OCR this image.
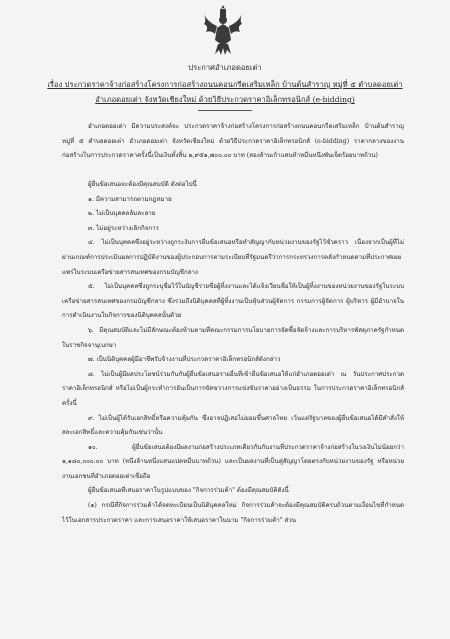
ประกาศอำเภอดอยเต่า
เรื่อง ประกวดราคาจ้างก่อสร้างโครงการก่อสร้างถนนคอนกรีตเสริมเหล็ก บ้านต้นสำราญ หมู่ที่ ๕ ตำบลดอยเต่า
อำเภอดอยเต่า จังหวัดเชียงใหม่ ด้วยวิธีประกวดราคาอิเล็กทรอนิกส์ (e-bidding)
อำเภอดอยเต่า มีความประสงค์จะ ประกวดราคาจ้างก่อสร้างโครงการก่อสร้างถนนคอนกรีตเสริมเหล็ก บ้านต้นสำราญ หมู่ที่ ๕ ตำบลดอยเต่า อำเภอดอยเต่า จังหวัดเชียงใหม่ ด้วยวิธีประกวดราคาอิเล็กทรอนิกส์ (e-bidding) ราคากลางของงานก่อสร้างในการประกวดราคาครั้งนี้เป็นเงินทั้งสิ้น ๒,๙๕๑,๗๐๐.๐๐ บาท (สองล้านเก้าแสนห้าหมื่นหนึ่งพันเจ็ดร้อยบาทถ้วน)
ผู้ยื่นข้อเสนอจะต้องมีคุณสมบัติ ดังต่อไปนี้
๑. มีความสามารถตามกฎหมาย
๒. ไม่เป็นบุคคลล้มละลาย
๓. ไม่อยู่ระหว่างเลิกกิจการ
๔. ไม่เป็นบุคคลซึ่งอยู่ระหว่างถูกระงับการยื่นข้อเสนอหรือทำสัญญากับหน่วยงานของรัฐไว้ชั่วคราว เนื่องจากเป็นผู้ที่ไม่ผ่านเกณฑ์การประเมินผลการปฏิบัติงานของผู้ประกอบการตามระเบียบที่รัฐมนตรีว่าการกระทรวงการคลังกำหนดตามที่ประกาศเผยแพร่ในระบบเครือข่ายสารสนเทศของกรมบัญชีกลาง
๕. ไม่เป็นบุคคลซึ่งถูกระบุชื่อไว้ในบัญชีรายชื่อผู้ทิ้งงานและได้แจ้งเวียนชื่อให้เป็นผู้ทิ้งงานของหน่วยงานของรัฐในระบบเครือข่ายสารสนเทศของกรมบัญชีกลาง ซึ่งรวมถึงนิติบุคคลที่ผู้ทิ้งงานเป็นหุ้นส่วนผู้จัดการ กรรมการผู้จัดการ ผู้บริหาร ผู้มีอำนาจในการดำเนินงานในกิจการของนิติบุคคลนั้นด้วย
๖. มีคุณสมบัติและไม่มีลักษณะต้องห้ามตามที่คณะกรรมการนโยบายการจัดซื้อจัดจ้างและการบริหารพัสดุภาครัฐกำหนดในราชกิจจานุเบกษา
๗. เป็นนิติบุคคลผู้มีอาชีพรับจ้างงานที่ประกวดราคาอิเล็กทรอนิกส์ดังกล่าว
๘. ไม่เป็นผู้มีผลประโยชน์ร่วมกันกับผู้ยื่นข้อเสนอรายอื่นที่เข้ายื่นข้อเสนอให้แก่อำเภอดอยเต่า ณ วันประกาศประกวดราคาอิเล็กทรอนิกส์ หรือไม่เป็นผู้กระทำการอันเป็นการขัดขวางการแข่งขันราคาอย่างเป็นธรรม ในการประกวดราคาอิเล็กทรอนิกส์ครั้งนี้
๙. ไม่เป็นผู้ได้รับเอกสิทธิ์หรือความคุ้มกัน ซึ่งอาจปฏิเสธไม่ยอมขึ้นศาลไทย เว้นแต่รัฐบาลของผู้ยื่นข้อเสนอได้มีคำสั่งให้สละเอกสิทธิ์และความคุ้มกันเช่นว่านั้น
๑๐. ผู้ยื่นข้อเสนอต้องมีผลงานก่อสร้างประเภทเดียวกันกับงานที่ประกวดราคาจ้างก่อสร้างในวงเงินไม่น้อยกว่า ๑,๑๘๐,๐๐๐.๐๐ บาท (หนึ่งล้านหนึ่งแสนแปดหมื่นบาทถ้วน) และเป็นผลงานที่เป็นคู่สัญญาโดยตรงกับหน่วยงานของรัฐ หรือหน่วยงานเอกชนที่อำเภอดอยเต่าเชื่อถือ
ผู้ยื่นข้อเสนอที่เสนอราคาในรูปแบบของ "กิจการร่วมค้า" ต้องมีคุณสมบัติดังนี้
(๑) กรณีที่กิจการร่วมค้าได้จดทะเบียนเป็นนิติบุคคลใหม่ กิจการร่วมค้าจะต้องมีคุณสมบัติครบถ้วนตามเงื่อนไขที่กำหนดไว้ในเอกสารประกวดราคา และการเสนอราคาให้เสนอราคาในนาม "กิจการร่วมค้า" ส่วน
